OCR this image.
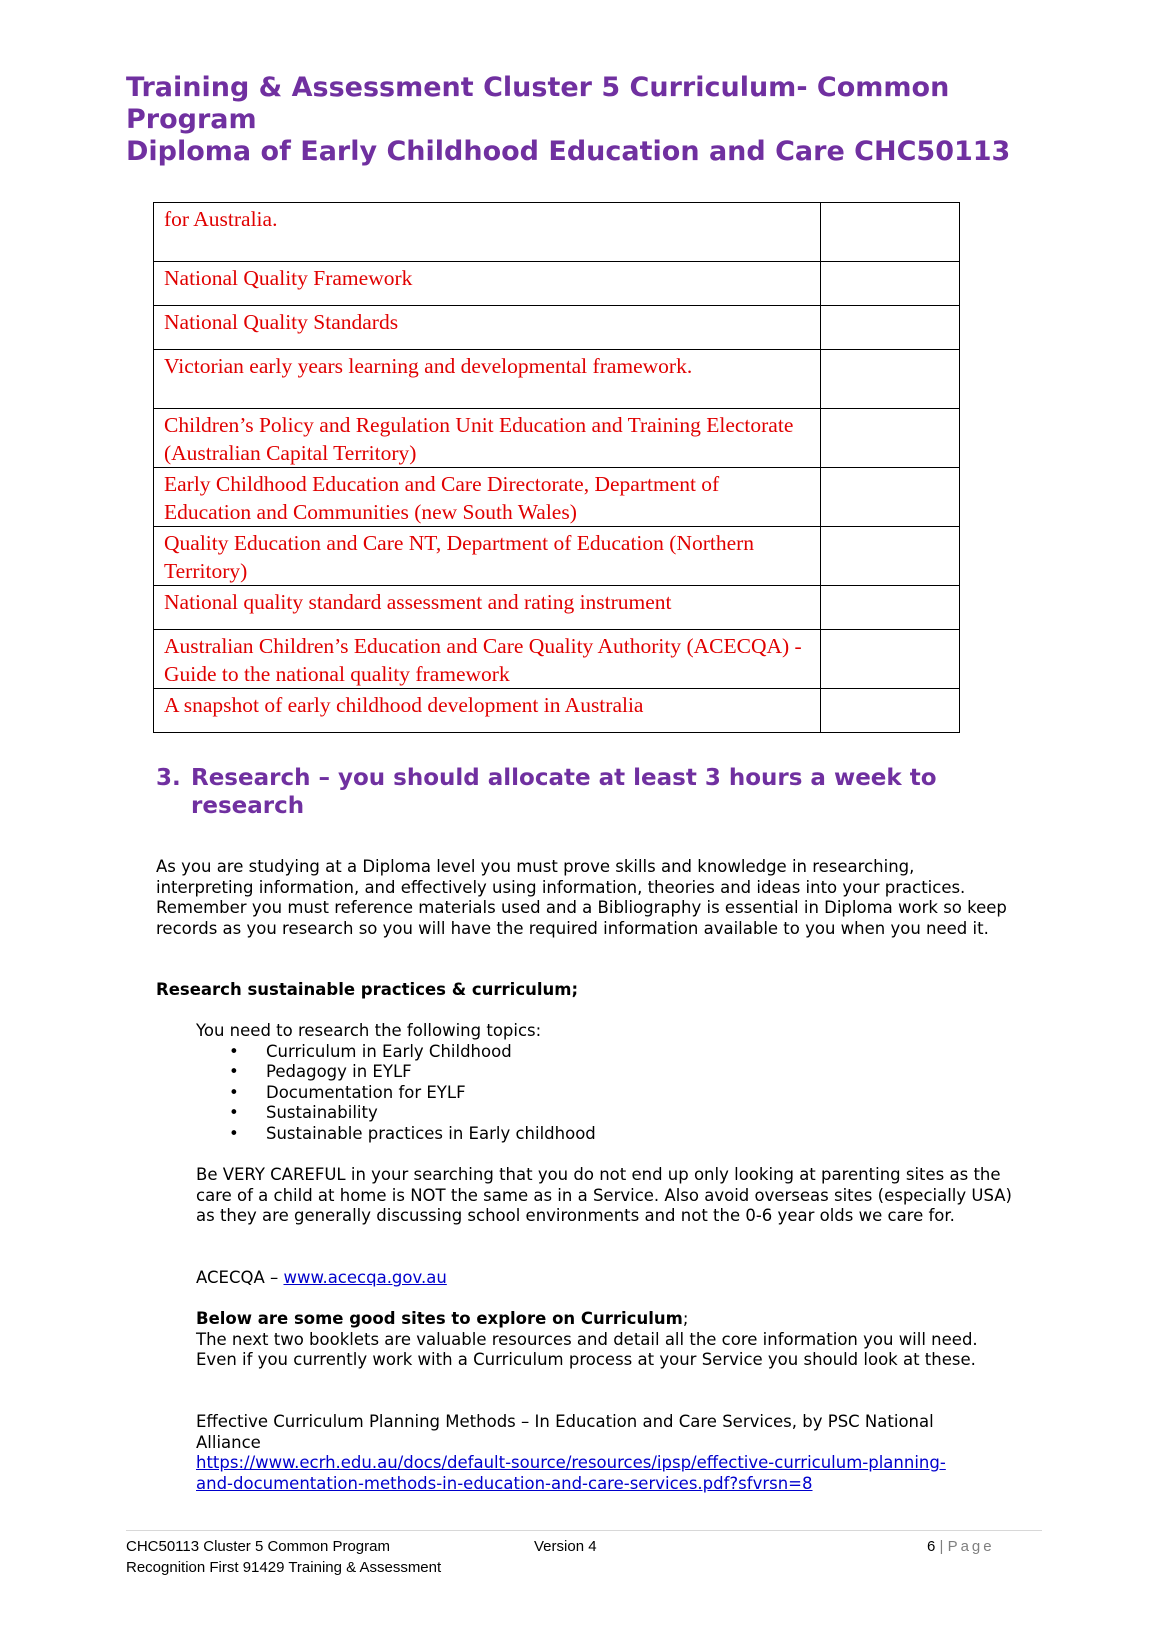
Training & Assessment Cluster 5 Curriculum- Common
Program
Diploma of Early Childhood Education and Care CHC50113
for Australia.	
National Quality Framework	
National Quality Standards	
Victorian early years learning and developmental framework.	
Children’s Policy and Regulation Unit Education and Training Electorate (Australian Capital Territory)	
Early Childhood Education and Care Directorate, Department of Education and Communities (new South Wales)	
Quality Education and Care NT, Department of Education (Northern Territory)	
National quality standard assessment and rating instrument	
Australian Children’s Education and Care Quality Authority (ACECQA) - Guide to the national quality framework	
A snapshot of early childhood development in Australia	
3. Research – you should allocate at least 3 hours a week to research
As you are studying at a Diploma level you must prove skills and knowledge in researching, interpreting information, and effectively using information, theories and ideas into your practices. Remember you must reference materials used and a Bibliography is essential in Diploma work so keep records as you research so you will have the required information available to you when you need it.
Research sustainable practices & curriculum;
You need to research the following topics:
• Curriculum in Early Childhood
• Pedagogy in EYLF
• Documentation for EYLF
• Sustainability
• Sustainable practices in Early childhood
Be VERY CAREFUL in your searching that you do not end up only looking at parenting sites as the care of a child at home is NOT the same as in a Service. Also avoid overseas sites (especially USA) as they are generally discussing school environments and not the 0-6 year olds we care for.
ACECQA – www.acecqa.gov.au
Below are some good sites to explore on Curriculum;
The next two booklets are valuable resources and detail all the core information you will need. Even if you currently work with a Curriculum process at your Service you should look at these.
Effective Curriculum Planning Methods – In Education and Care Services, by PSC National Alliance
https://www.ecrh.edu.au/docs/default-source/resources/ipsp/effective-curriculum-planning-
and-documentation-methods-in-education-and-care-services.pdf?sfvrsn=8
CHC50113 Cluster 5 Common Program
Recognition First 91429 Training & Assessment
Version 4	6 | Page
